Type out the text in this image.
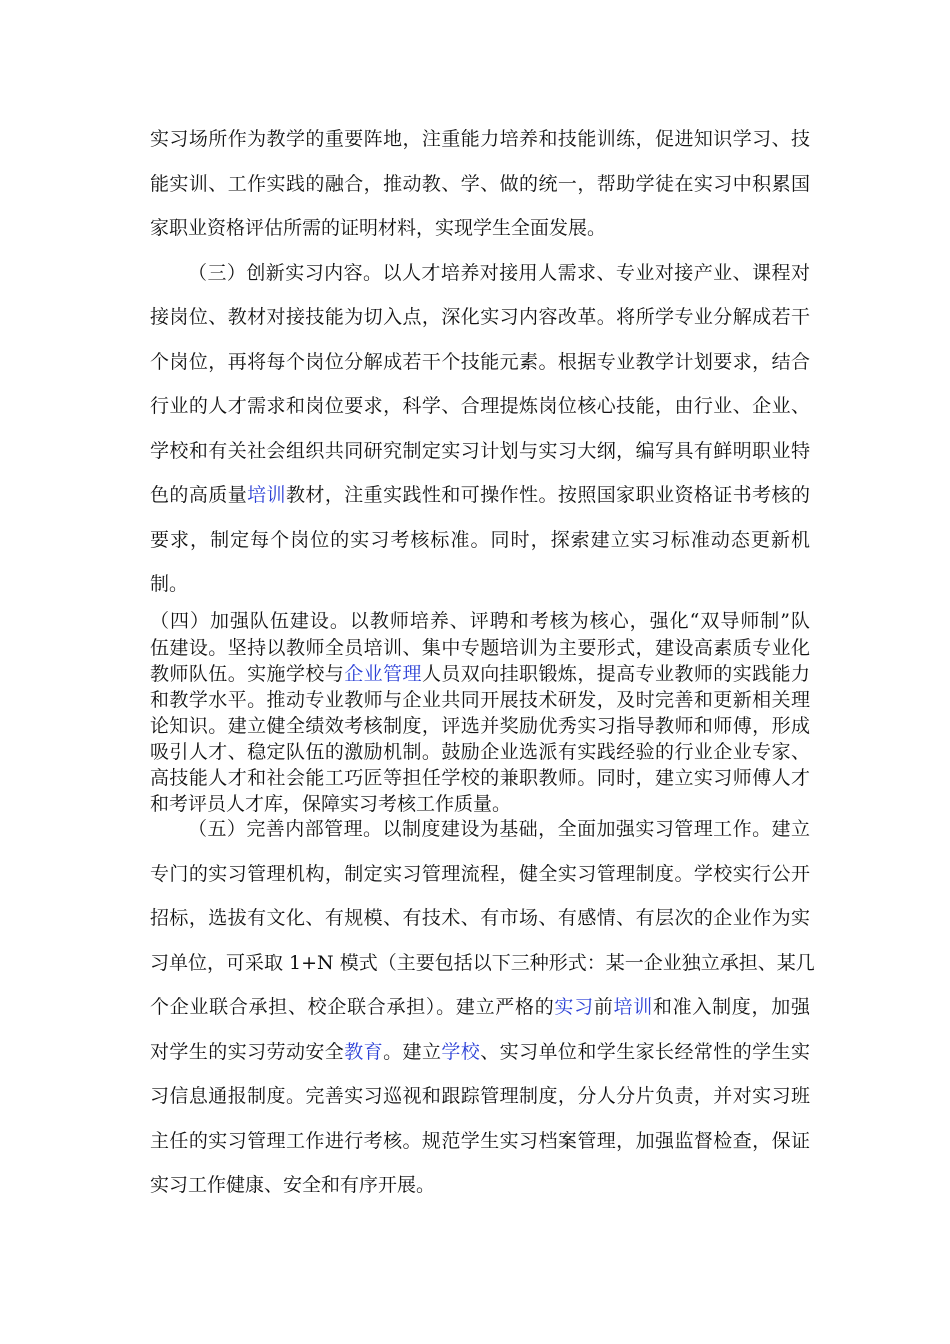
实习场所作为教学的重要阵地，注重能力培养和技能训练，促进知识学习、技
能实训、工作实践的融合，推动教、学、做的统一，帮助学徒在实习中积累国
家职业资格评估所需的证明材料，实现学生全面发展。
（三）创新实习内容。以人才培养对接用人需求、专业对接产业、课程对
接岗位、教材对接技能为切入点，深化实习内容改革。将所学专业分解成若干
个岗位，再将每个岗位分解成若干个技能元素。根据专业教学计划要求，结合
行业的人才需求和岗位要求，科学、合理提炼岗位核心技能，由行业、企业、
学校和有关社会组织共同研究制定实习计划与实习大纲，编写具有鲜明职业特
色的高质量培训教材，注重实践性和可操作性。按照国家职业资格证书考核的
要求，制定每个岗位的实习考核标准。同时，探索建立实习标准动态更新机
制。
（四）加强队伍建设。以教师培养、评聘和考核为核心，强化“双导师制”队
伍建设。坚持以教师全员培训、集中专题培训为主要形式，建设高素质专业化
教师队伍。实施学校与企业管理人员双向挂职锻炼，提高专业教师的实践能力
和教学水平。推动专业教师与企业共同开展技术研发，及时完善和更新相关理
论知识。建立健全绩效考核制度，评选并奖励优秀实习指导教师和师傅，形成
吸引人才、稳定队伍的激励机制。鼓励企业选派有实践经验的行业企业专家、
高技能人才和社会能工巧匠等担任学校的兼职教师。同时，建立实习师傅人才
和考评员人才库，保障实习考核工作质量。
（五）完善内部管理。以制度建设为基础，全面加强实习管理工作。建立
专门的实习管理机构，制定实习管理流程，健全实习管理制度。学校实行公开
招标，选拔有文化、有规模、有技术、有市场、有感情、有层次的企业作为实
习单位，可采取 1+N 模式（主要包括以下三种形式：某一企业独立承担、某几
个企业联合承担、校企联合承担）。建立严格的实习前培训和准入制度，加强
对学生的实习劳动安全教育。建立学校、实习单位和学生家长经常性的学生实
习信息通报制度。完善实习巡视和跟踪管理制度，分人分片负责，并对实习班
主任的实习管理工作进行考核。规范学生实习档案管理，加强监督检查，保证
实习工作健康、安全和有序开展。
